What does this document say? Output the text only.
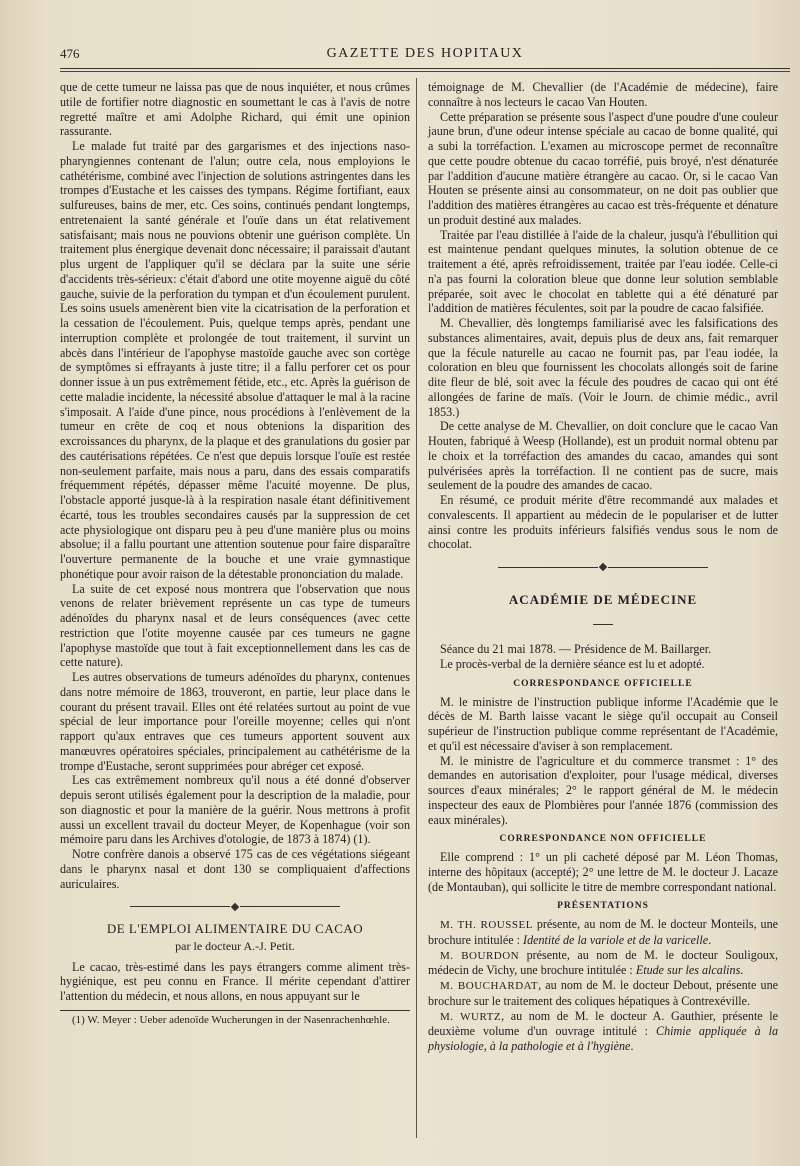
476	GAZETTE DES HOPITAUX

que de cette tumeur ne laissa pas que de nous inquiéter, et nous crûmes utile de fortifier notre diagnostic en soumettant le cas à l'avis de notre regretté maître et ami Adolphe Richard, qui émit une opinion rassurante.

Le malade fut traité par des gargarismes et des injections naso-pharyngiennes contenant de l'alun; outre cela, nous employions le cathétérisme, combiné avec l'injection de solutions astringentes dans les trompes d'Eustache et les caisses des tympans. Régime fortifiant, eaux sulfureuses, bains de mer, etc. Ces soins, continués pendant longtemps, entretenaient la santé générale et l'ouïe dans un état relativement satisfaisant; mais nous ne pouvions obtenir une guérison complète. Un traitement plus énergique devenait donc nécessaire; il paraissait d'autant plus urgent de l'appliquer qu'il se déclara par la suite une série d'accidents très-sérieux: c'était d'abord une otite moyenne aiguë du côté gauche, suivie de la perforation du tympan et d'un écoulement purulent. Les soins usuels amenèrent bien vite la cicatrisation de la perforation et la cessation de l'écoulement. Puis, quelque temps après, pendant une interruption complète et prolongée de tout traitement, il survint un abcès dans l'intérieur de l'apophyse mastoïde gauche avec son cortège de symptômes si effrayants à juste titre; il a fallu perforer cet os pour donner issue à un pus extrêmement fétide, etc., etc. Après la guérison de cette maladie incidente, la nécessité absolue d'attaquer le mal à la racine s'imposait. A l'aide d'une pince, nous procédions à l'enlèvement de la tumeur en crête de coq et nous obtenions la disparition des excroissances du pharynx, de la plaque et des granulations du gosier par des cautérisations répétées. Ce n'est que depuis lorsque l'ouïe est restée non-seulement parfaite, mais nous a paru, dans des essais comparatifs fréquemment répétés, dépasser même l'acuité moyenne. De plus, l'obstacle apporté jusque-là à la respiration nasale étant définitivement écarté, tous les troubles secondaires causés par la suppression de cet acte physiologique ont disparu peu à peu d'une manière plus ou moins absolue; il a fallu pourtant une attention soutenue pour faire disparaître l'ouverture permanente de la bouche et une vraie gymnastique phonétique pour avoir raison de la détestable prononciation du malade.

La suite de cet exposé nous montrera que l'observation que nous venons de relater brièvement représente un cas type de tumeurs adénoïdes du pharynx nasal et de leurs conséquences (avec cette restriction que l'otite moyenne causée par ces tumeurs ne gagne l'apophyse mastoïde que tout à fait exceptionnellement dans les cas de cette nature).

Les autres observations de tumeurs adénoïdes du pharynx, contenues dans notre mémoire de 1863, trouveront, en partie, leur place dans le courant du présent travail. Elles ont été relatées surtout au point de vue spécial de leur importance pour l'oreille moyenne; celles qui n'ont rapport qu'aux entraves que ces tumeurs apportent souvent aux manœuvres opératoires spéciales, principalement au cathétérisme de la trompe d'Eustache, seront supprimées pour abréger cet exposé.

Les cas extrêmement nombreux qu'il nous a été donné d'observer depuis seront utilisés également pour la description de la maladie, pour son diagnostic et pour la manière de la guérir. Nous mettrons à profit aussi un excellent travail du docteur Meyer, de Kopenhague (voir son mémoire paru dans les Archives d'otologie, de 1873 à 1874) (1).

Notre confrère danois a observé 175 cas de ces végétations siégeant dans le pharynx nasal et dont 130 se compliquaient d'affections auriculaires.

DE L'EMPLOI ALIMENTAIRE DU CACAO
par le docteur A.-J. Petit.

Le cacao, très-estimé dans les pays étrangers comme aliment très-hygiénique, est peu connu en France. Il mérite cependant d'attirer l'attention du médecin, et nous allons, en nous appuyant sur le

(1) W. Meyer : Ueber adenoïde Wucherungen in der Nasenrachenhœhle.

témoignage de M. Chevallier (de l'Académie de médecine), faire connaître à nos lecteurs le cacao Van Houten.

Cette préparation se présente sous l'aspect d'une poudre d'une couleur jaune brun, d'une odeur intense spéciale au cacao de bonne qualité, qui a subi la torréfaction. L'examen au microscope permet de reconnaître que cette poudre obtenue du cacao torréfié, puis broyé, n'est dénaturée par l'addition d'aucune matière étrangère au cacao. Or, si le cacao Van Houten se présente ainsi au consommateur, on ne doit pas oublier que l'addition des matières étrangères au cacao est très-fréquente et dénature un produit destiné aux malades.

Traitée par l'eau distillée à l'aide de la chaleur, jusqu'à l'ébullition qui est maintenue pendant quelques minutes, la solution obtenue de ce traitement a été, après refroidissement, traitée par l'eau iodée. Celle-ci n'a pas fourni la coloration bleue que donne leur solution semblable préparée, soit avec le chocolat en tablette qui a été dénaturé par l'addition de matières féculentes, soit par la poudre de cacao falsifiée.

M. Chevallier, dès longtemps familiarisé avec les falsifications des substances alimentaires, avait, depuis plus de deux ans, fait remarquer que la fécule naturelle au cacao ne fournit pas, par l'eau iodée, la coloration en bleu que fournissent les chocolats allongés soit de farine dite fleur de blé, soit avec la fécule des poudres de cacao qui ont été allongées de farine de maïs. (Voir le Journ. de chimie médic., avril 1853.)

De cette analyse de M. Chevallier, on doit conclure que le cacao Van Houten, fabriqué à Weesp (Hollande), est un produit normal obtenu par le choix et la torréfaction des amandes du cacao, amandes qui sont pulvérisées après la torréfaction. Il ne contient pas de sucre, mais seulement de la poudre des amandes de cacao.

En résumé, ce produit mérite d'être recommandé aux malades et convalescents. Il appartient au médecin de le populariser et de lutter ainsi contre les produits inférieurs falsifiés vendus sous le nom de chocolat.

ACADÉMIE DE MÉDECINE

Séance du 21 mai 1878. — Présidence de M. Baillarger.

Le procès-verbal de la dernière séance est lu et adopté.

CORRESPONDANCE OFFICIELLE

M. le ministre de l'instruction publique informe l'Académie que le décès de M. Barth laisse vacant le siège qu'il occupait au Conseil supérieur de l'instruction publique comme représentant de l'Académie, et qu'il est nécessaire d'aviser à son remplacement.

M. le ministre de l'agriculture et du commerce transmet : 1° des demandes en autorisation d'exploiter, pour l'usage médical, diverses sources d'eaux minérales; 2° le rapport général de M. le médecin inspecteur des eaux de Plombières pour l'année 1876 (commission des eaux minérales).

CORRESPONDANCE NON OFFICIELLE

Elle comprend : 1° un pli cacheté déposé par M. Léon Thomas, interne des hôpitaux (accepté); 2° une lettre de M. le docteur J. Lacaze (de Montauban), qui sollicite le titre de membre correspondant national.

PRÉSENTATIONS

M. TH. ROUSSEL présente, au nom de M. le docteur Monteils, une brochure intitulée : Identité de la variole et de la varicelle.

M. BOURDON présente, au nom de M. le docteur Souligoux, médecin de Vichy, une brochure intitulée : Etude sur les alcalins.

M. BOUCHARDAT, au nom de M. le docteur Debout, présente une brochure sur le traitement des coliques hépatiques à Contrexéville.

M. WURTZ, au nom de M. le docteur A. Gauthier, présente le deuxième volume d'un ouvrage intitulé : Chimie appliquée à la physiologie, à la pathologie et à l'hygiène.
